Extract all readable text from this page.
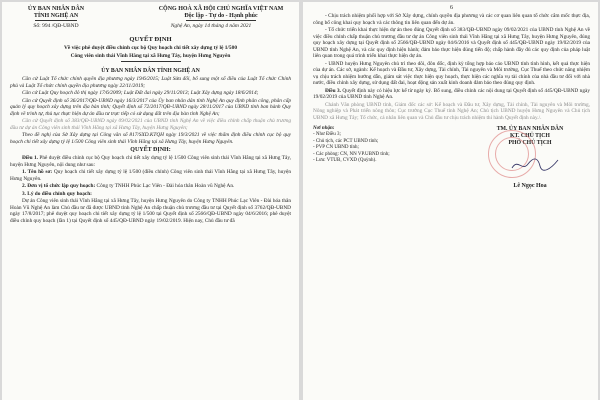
ỦY BAN NHÂN DÂN
TỈNH NGHỆ AN
CỘNG HOÀ XÃ HỘI CHỦ NGHĨA VIỆT NAM
Độc lập - Tự do - Hạnh phúc
Số: 994 /QĐ-UBND	Nghệ An, ngày 14 tháng 4 năm 2021
QUYẾT ĐỊNH
Về việc phê duyệt điều chỉnh cục bộ Quy hoạch chi tiết xây dựng tỷ lệ 1/500
Công viên sinh thái Vĩnh Hằng tại xã Hưng Tây, huyện Hưng Nguyên
ỦY BAN NHÂN DÂN TỈNH NGHỆ AN

Căn cứ Luật Tổ chức chính quyền địa phương ngày 19/6/2015; Luật Sửa đổi, bổ sung một số điều của Luật Tổ chức Chính phủ và Luật Tổ chức chính quyền địa phương ngày 22/11/2019;

Căn cứ Luật Quy hoạch đô thị ngày 17/6/2009; Luật Đất đai ngày 29/11/2013; Luật Xây dựng ngày 18/6/2014;

Căn cứ Quyết định số 36/2017/QĐ-UBND ngày 16/3/2017 của Ủy ban nhân dân tỉnh Nghệ An quy định phân công, phân cấp quản lý quy hoạch xây dựng trên địa bàn tỉnh; Quyết định số 72/2017/QĐ-UBND ngày 28/11/2017 của UBND tỉnh ban hành Quy định về trình tự, thủ tục thực hiện dự án đầu tư trực tiếp có sử dụng đất trên địa bàn tỉnh Nghệ An;

Căn cứ Quyết định số 383/QĐ-UBND ngày 09/02/2021 của UBND tỉnh Nghệ An về việc điều chỉnh chấp thuận chủ trương đầu tư dự án Công viên sinh thái Vĩnh Hằng tại xã Hưng Tây, huyện Hưng Nguyên;

Theo đề nghị của Sở Xây dựng tại Công văn số 817/SXD.KTQH ngày 19/3/2021 về việc thẩm định điều chỉnh cục bộ quy hoạch chi tiết xây dựng tỷ lệ 1/500 Công viên sinh thái Vĩnh Hằng tại xã Hưng Tây, huyện Hưng Nguyên.

QUYẾT ĐỊNH:

Điều 1. Phê duyệt điều chỉnh cục bộ Quy hoạch chi tiết xây dựng tỷ lệ 1/500 Công viên sinh thái Vĩnh Hằng tại xã Hưng Tây, huyện Hưng Nguyên, nội dung như sau:

1. Tên hồ sơ: Quy hoạch chi tiết xây dựng tỷ lệ 1/500 (điều chỉnh) Công viên sinh thái Vĩnh Hằng tại xã Hưng Tây, huyện Hưng Nguyên.

2. Đơn vị tổ chức lập quy hoạch: Công ty TNHH Phúc Lạc Viên - Đài hóa thân Hoàn vũ Nghệ An.

3. Lý do điều chỉnh quy hoạch:

Dự án Công viên sinh thái Vĩnh Hằng tại xã Hưng Tây, huyện Hưng Nguyên do Công ty TNHH Phúc Lạc Viên - Đài hóa thân Hoàn Vũ Nghệ An làm Chủ đầu tư đã được UBND tỉnh Nghệ An chấp thuận chủ trương đầu tư tại Quyết định số 3762/QĐ-UBND ngày 17/8/2017; phê duyệt quy hoạch chi tiết xây dựng tỷ lệ 1/500 tại Quyết định số 2566/QĐ-UBND ngày 04/6/2016; phê duyệt điều chỉnh quy hoạch (lần 1) tại Quyết định số 445/QĐ-UBND ngày 19/02/2019. Hiện nay, Chủ đầu tư đã

6

- Chịu trách nhiệm phối hợp với Sở Xây dựng, chính quyền địa phương và các cơ quan liên quan tổ chức cắm mốc thực địa, công bố công khai quy hoạch và các thông tin liên quan đến dự án.

- Tổ chức triển khai thực hiện dự án theo đúng Quyết định số 383/QĐ-UBND ngày 09/02/2021 của UBND tỉnh Nghệ An về việc điều chỉnh chấp thuận chủ trương đầu tư dự án Công viên sinh thái Vĩnh Hằng tại xã Hưng Tây, huyện Hưng Nguyên, đúng quy hoạch xây dựng tại Quyết định số 2566/QĐ-UBND ngày 04/6/2016 và Quyết định số 445/QĐ-UBND ngày 19/02/2019 của UBND tỉnh Nghệ An, và các quy định hiện hành; đảm bảo thực hiện đúng tiến độ; chấp hành đầy đủ các quy định của pháp luật liên quan trong quá trình triển khai thực hiện dự án.

- UBND huyện Hưng Nguyên chủ trì theo dõi, đôn đốc, định kỳ tổng hợp báo cáo UBND tỉnh tình hình, kết quả thực hiện của dự án. Các sở, ngành: Kế hoạch và Đầu tư, Xây dựng, Tài chính, Tài nguyên và Môi trường, Cục Thuế theo chức năng nhiệm vụ chịu trách nhiệm hướng dẫn, giám sát việc thực hiện quy hoạch, thực hiện các nghĩa vụ tài chính của nhà đầu tư đối với nhà nước, điều chỉnh xây dựng, sử dụng đất đai, hoạt động sản xuất kinh doanh đảm bảo theo đúng quy định.

Điều 3. Quyết định này có hiệu lực kể từ ngày ký. Bổ sung, điều chỉnh các nội dung tại Quyết định số 445/QĐ-UBND ngày 19/02/2019 của UBND tỉnh Nghệ An.

Chánh Văn phòng UBND tỉnh, Giám đốc các sở: Kế hoạch và Đầu tư, Xây dựng, Tài chính, Tài nguyên và Môi trường, Nông nghiệp và Phát triển nông thôn; Cục trưởng Cục Thuế tỉnh Nghệ An; Chủ tịch UBND huyện Hưng Nguyên và Chủ tịch UBND xã Hưng Tây; Tổ chức, cá nhân liên quan và Chủ đầu tư chịu trách nhiệm thi hành Quyết định này./.

Nơi nhận:
- Như Điều 3;
- Chủ tịch, các PCT UBND tỉnh;
- PVP CN UBND tỉnh;
- Các phòng: CN, NN VP.UBND tỉnh;
- Lưu: VTUB, CVXD (Quỳnh).
TM. ỦY BAN NHÂN DÂN
KT. CHỦ TỊCH
PHÓ CHỦ TỊCH
Lê Ngọc Hoa
